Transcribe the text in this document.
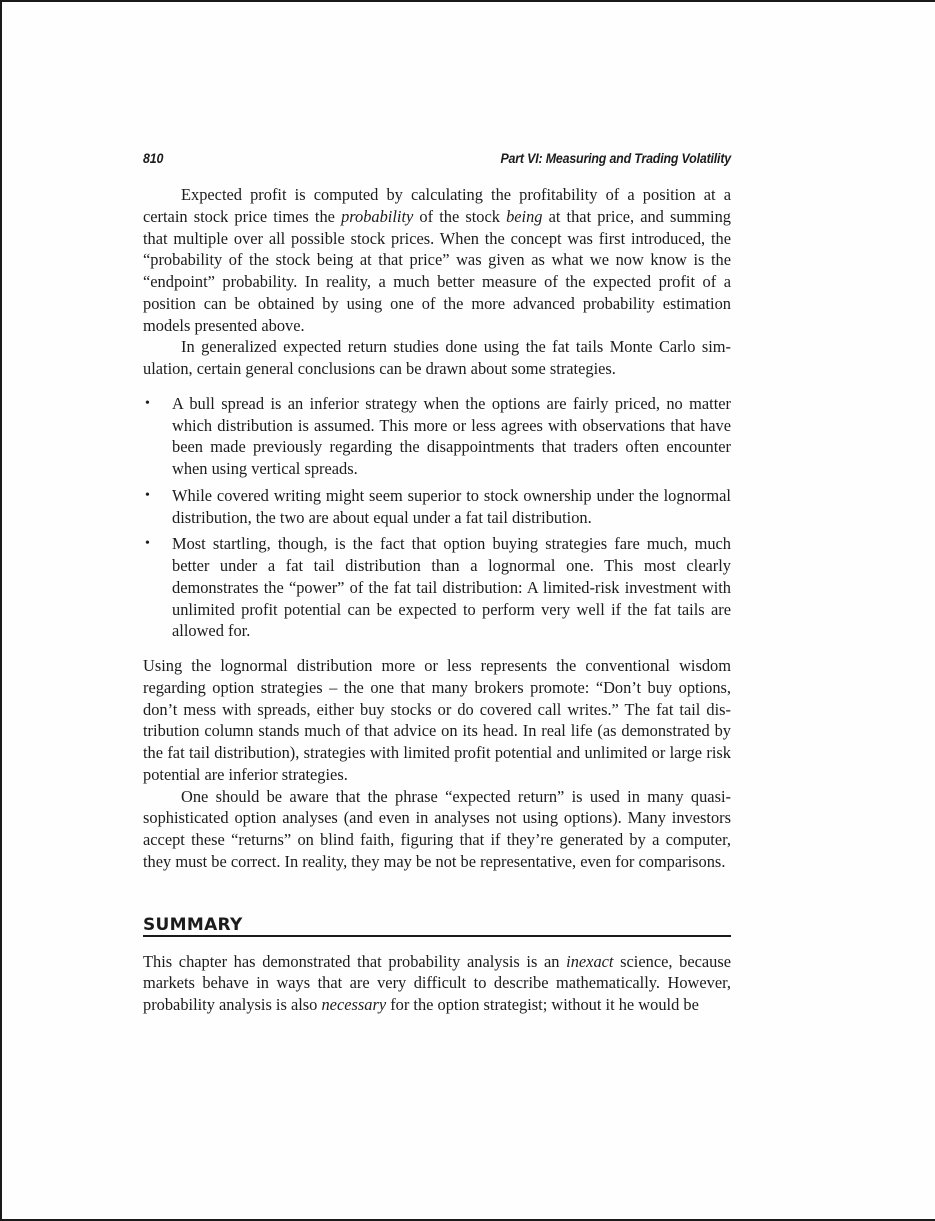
810	Part VI: Measuring and Trading Volatility

Expected profit is computed by calculating the profitability of a position at a certain stock price times the probability of the stock being at that price, and summing that multiple over all possible stock prices. When the concept was first introduced, the “probability of the stock being at that price” was given as what we now know is the “endpoint” probability. In reality, a much better measure of the expected profit of a position can be obtained by using one of the more advanced probability estimation models presented above.

In generalized expected return studies done using the fat tails Monte Carlo simulation, certain general conclusions can be drawn about some strategies.

• A bull spread is an inferior strategy when the options are fairly priced, no matter which distribution is assumed. This more or less agrees with observations that have been made previously regarding the disappointments that traders often encounter when using vertical spreads.
• While covered writing might seem superior to stock ownership under the lognormal distribution, the two are about equal under a fat tail distribution.
• Most startling, though, is the fact that option buying strategies fare much, much better under a fat tail distribution than a lognormal one. This most clearly demonstrates the “power” of the fat tail distribution: A limited-risk investment with unlimited profit potential can be expected to perform very well if the fat tails are allowed for.

Using the lognormal distribution more or less represents the conventional wisdom regarding option strategies – the one that many brokers promote: “Don’t buy options, don’t mess with spreads, either buy stocks or do covered call writes.” The fat tail distribution column stands much of that advice on its head. In real life (as demonstrated by the fat tail distribution), strategies with limited profit potential and unlimited or large risk potential are inferior strategies.

One should be aware that the phrase “expected return” is used in many quasisophisticated option analyses (and even in analyses not using options). Many investors accept these “returns” on blind faith, figuring that if they’re generated by a computer, they must be correct. In reality, they may be not be representative, even for comparisons.

SUMMARY

This chapter has demonstrated that probability analysis is an inexact science, because markets behave in ways that are very difficult to describe mathematically. However, probability analysis is also necessary for the option strategist; without it he would be
